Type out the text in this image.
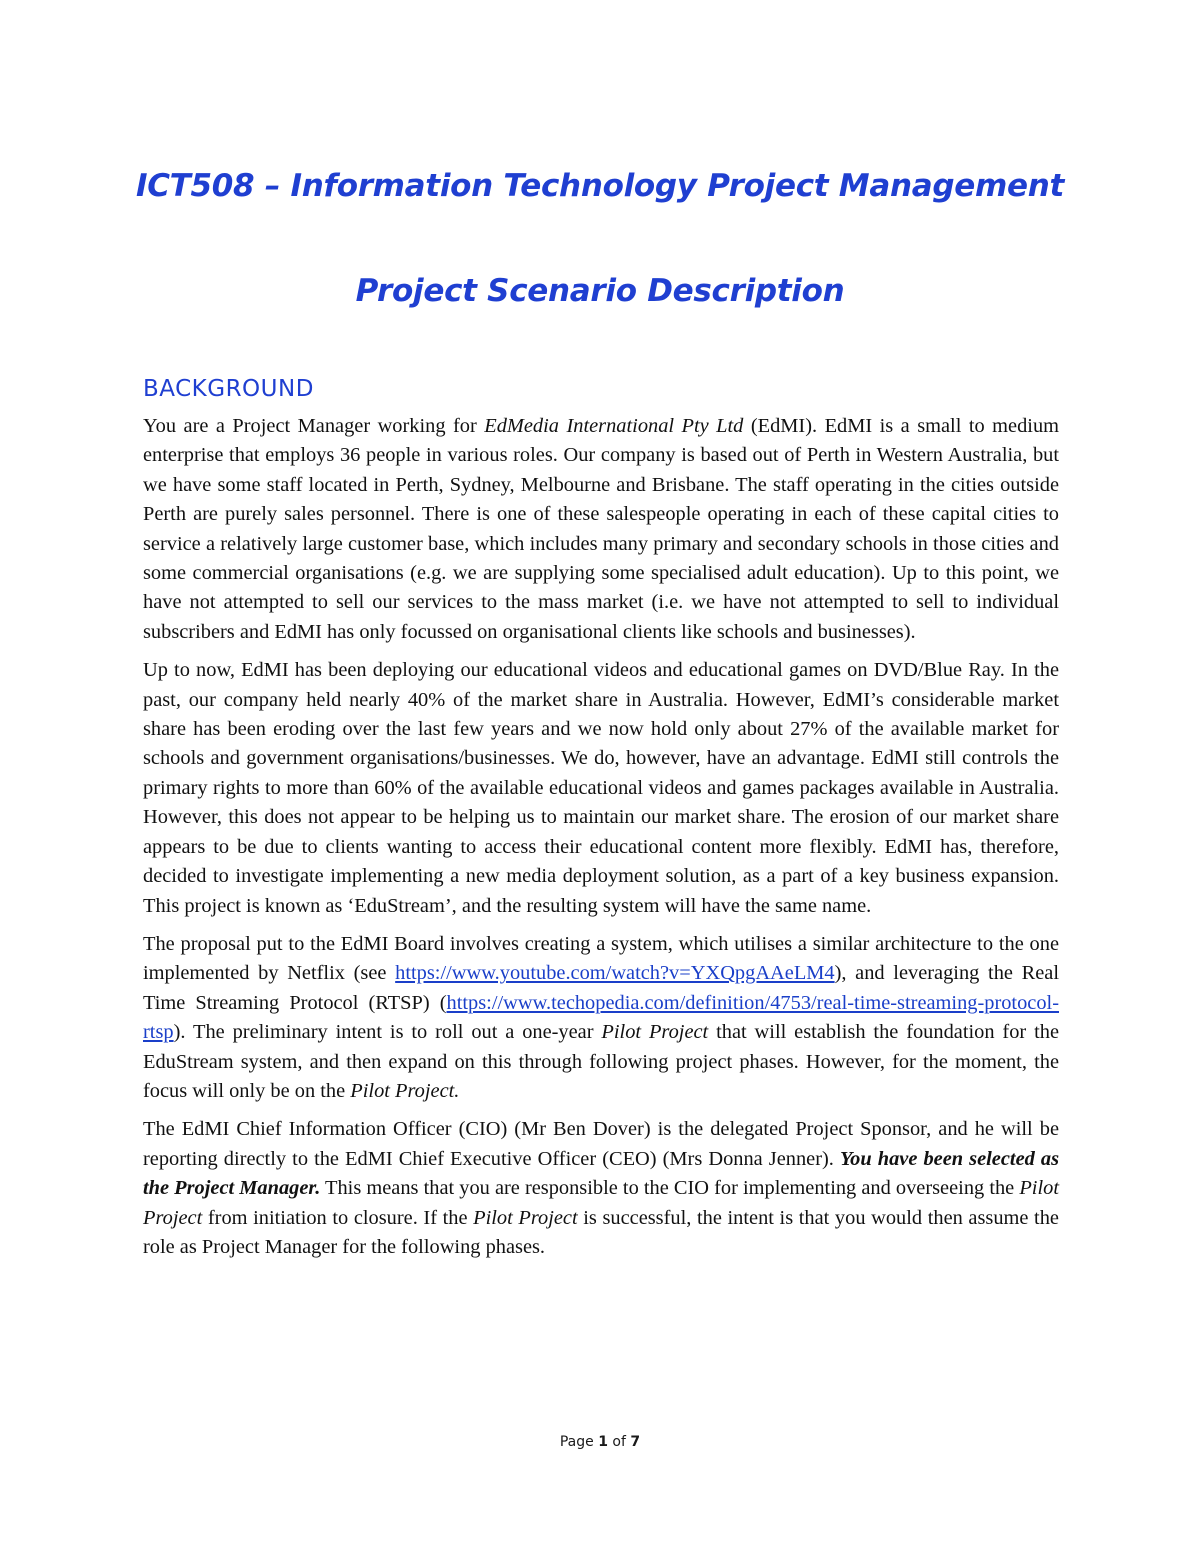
ICT508 – Information Technology Project Management
Project Scenario Description
BACKGROUND

You are a Project Manager working for EdMedia International Pty Ltd (EdMI). EdMI is a small to medium enterprise that employs 36 people in various roles. Our company is based out of Perth in Western Australia, but we have some staff located in Perth, Sydney, Melbourne and Brisbane. The staff operating in the cities outside Perth are purely sales personnel. There is one of these salespeople operating in each of these capital cities to service a relatively large customer base, which includes many primary and secondary schools in those cities and some commercial organisations (e.g. we are supplying some specialised adult education). Up to this point, we have not attempted to sell our services to the mass market (i.e. we have not attempted to sell to individual subscribers and EdMI has only focussed on organisational clients like schools and businesses).

Up to now, EdMI has been deploying our educational videos and educational games on DVD/Blue Ray. In the past, our company held nearly 40% of the market share in Australia. However, EdMI’s considerable market share has been eroding over the last few years and we now hold only about 27% of the available market for schools and government organisations/businesses. We do, however, have an advantage. EdMI still controls the primary rights to more than 60% of the available educational videos and games packages available in Australia. However, this does not appear to be helping us to maintain our market share. The erosion of our market share appears to be due to clients wanting to access their educational content more flexibly. EdMI has, therefore, decided to investigate implementing a new media deployment solution, as a part of a key business expansion. This project is known as ‘EduStream’, and the resulting system will have the same name.

The proposal put to the EdMI Board involves creating a system, which utilises a similar architecture to the one implemented by Netflix (see https://www.youtube.com/watch?v=YXQpgAAeLM4), and leveraging the Real Time Streaming Protocol (RTSP) (https://www.techopedia.com/definition/4753/real-time-streaming-protocol-rtsp). The preliminary intent is to roll out a one-year Pilot Project that will establish the foundation for the EduStream system, and then expand on this through following project phases. However, for the moment, the focus will only be on the Pilot Project.

The EdMI Chief Information Officer (CIO) (Mr Ben Dover) is the delegated Project Sponsor, and he will be reporting directly to the EdMI Chief Executive Officer (CEO) (Mrs Donna Jenner). You have been selected as the Project Manager. This means that you are responsible to the CIO for implementing and overseeing the Pilot Project from initiation to closure. If the Pilot Project is successful, the intent is that you would then assume the role as Project Manager for the following phases.

Page 1 of 7
